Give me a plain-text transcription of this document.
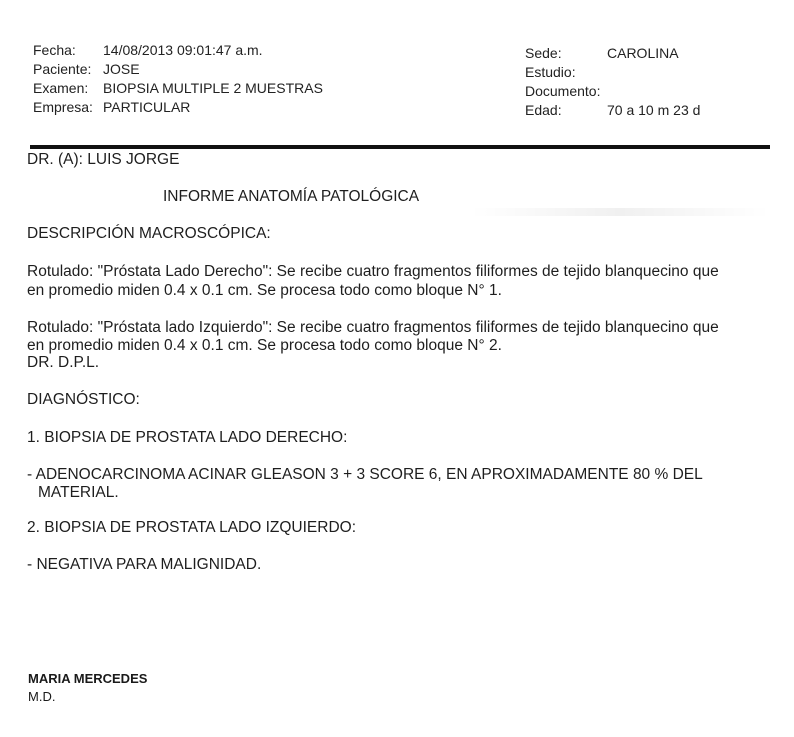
Fecha: 14/08/2013 09:01:47 a.m.
Paciente: JOSE
Examen: BIOPSIA MULTIPLE 2 MUESTRAS
Empresa: PARTICULAR
Sede:	CAROLINA
Estudio:
Documento:
Edad:	70 a 10 m 23 d
DR. (A): LUIS JORGE
INFORME ANATOMÍA PATOLÓGICA
DESCRIPCIÓN MACROSCÓPICA:
Rotulado: "Próstata Lado Derecho": Se recibe cuatro fragmentos filiformes de tejido blanquecino que
en promedio miden 0.4 x 0.1 cm. Se procesa todo como bloque N° 1.
Rotulado: "Próstata lado Izquierdo": Se recibe cuatro fragmentos filiformes de tejido blanquecino que
en promedio miden 0.4 x 0.1 cm. Se procesa todo como bloque N° 2.
DR. D.P.L.
DIAGNÓSTICO:
1. BIOPSIA DE PROSTATA LADO DERECHO:
- ADENOCARCINOMA ACINAR GLEASON 3 + 3 SCORE 6, EN APROXIMADAMENTE 80 % DEL
MATERIAL.
2. BIOPSIA DE PROSTATA LADO IZQUIERDO:
- NEGATIVA PARA MALIGNIDAD.
MARIA MERCEDES
M.D.
